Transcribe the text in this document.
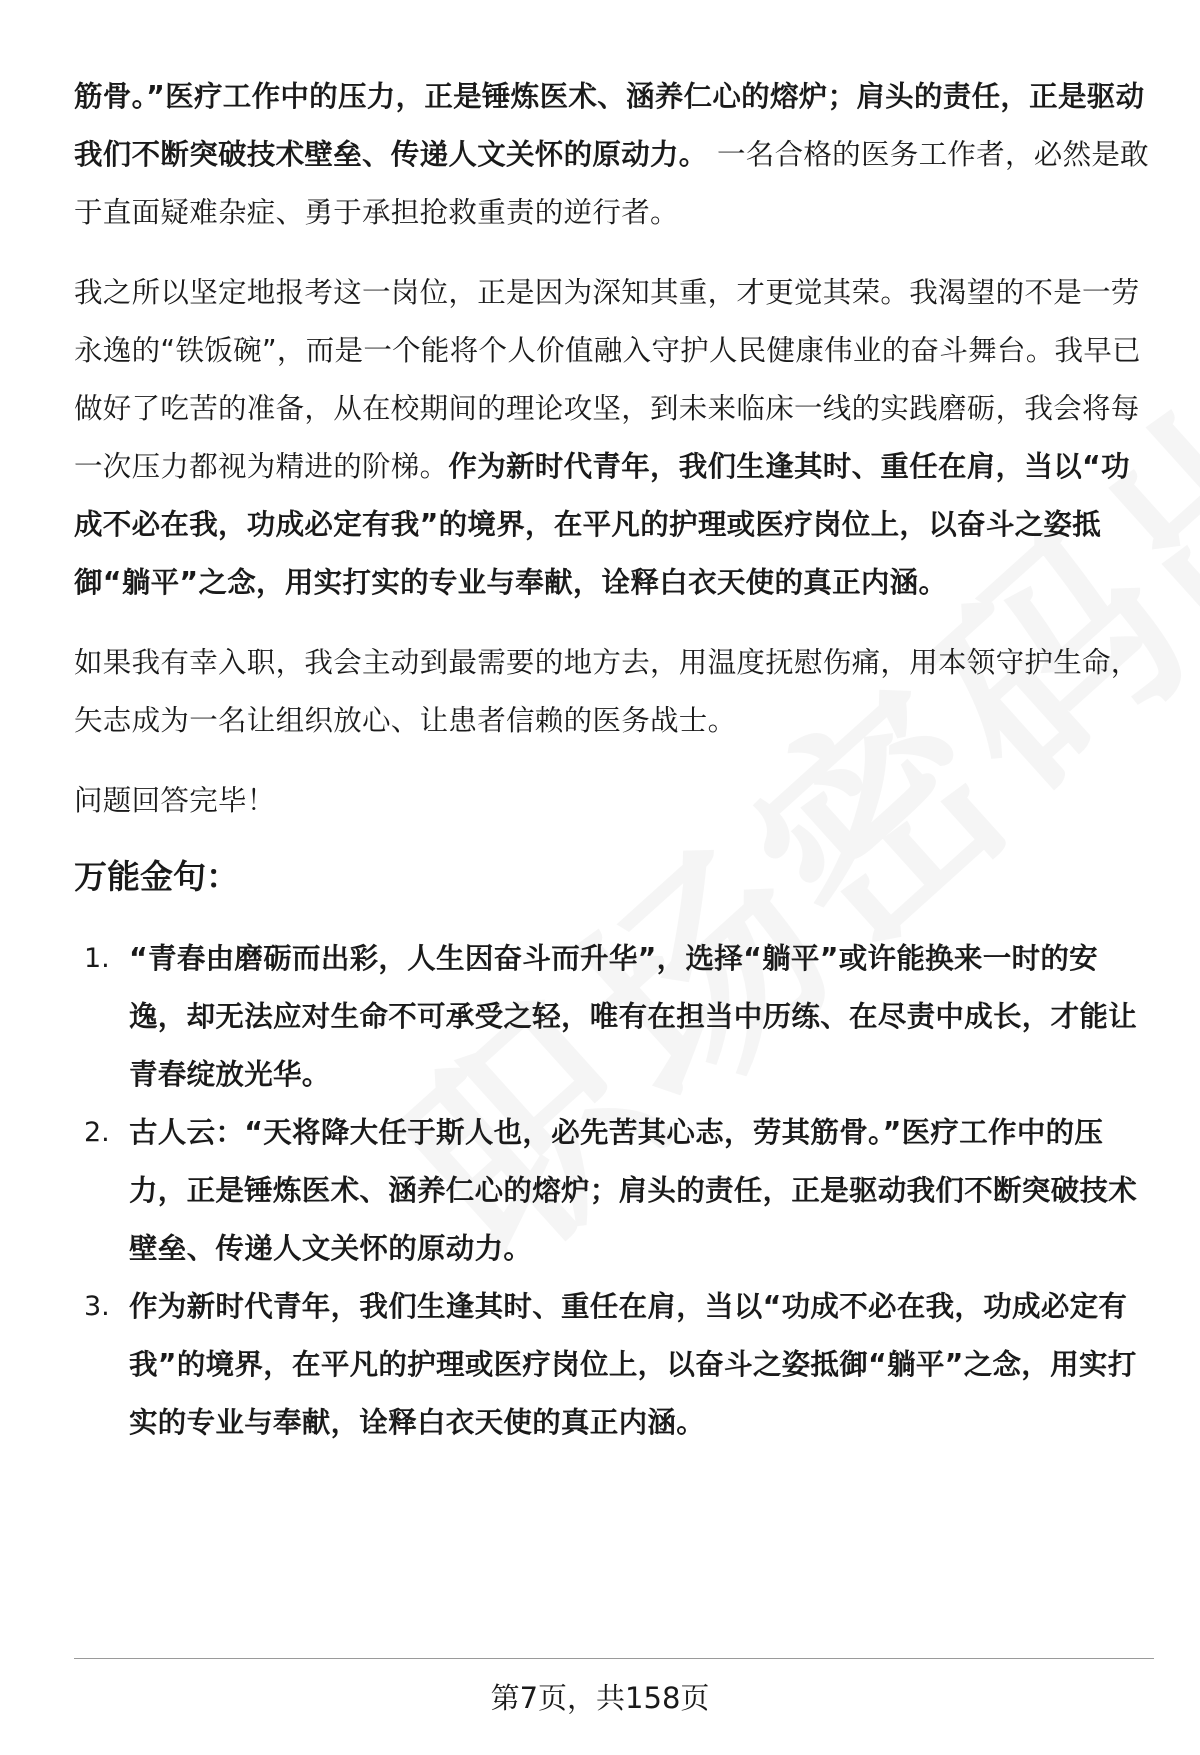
筋骨。”医疗工作中的压力，正是锤炼医术、涵养仁心的熔炉；肩头的责任，正是驱动我们不断突破技术壁垒、传递人文关怀的原动力。 一名合格的医务工作者，必然是敢于直面疑难杂症、勇于承担抢救重责的逆行者。

我之所以坚定地报考这一岗位，正是因为深知其重，才更觉其荣。我渴望的不是一劳永逸的“铁饭碗”，而是一个能将个人价值融入守护人民健康伟业的奋斗舞台。我早已做好了吃苦的准备，从在校期间的理论攻坚，到未来临床一线的实践磨砺，我会将每一次压力都视为精进的阶梯。作为新时代青年，我们生逢其时、重任在肩，当以“功成不必在我，功成必定有我”的境界，在平凡的护理或医疗岗位上，以奋斗之姿抵御“躺平”之念，用实打实的专业与奉献，诠释白衣天使的真正内涵。

如果我有幸入职，我会主动到最需要的地方去，用温度抚慰伤痛，用本领守护生命，矢志成为一名让组织放心、让患者信赖的医务战士。

问题回答完毕！

万能金句：
1. “青春由磨砺而出彩，人生因奋斗而升华”，选择“躺平”或许能换来一时的安逸，却无法应对生命不可承受之轻，唯有在担当中历练、在尽责中成长，才能让青春绽放光华。
2. 古人云：“天将降大任于斯人也，必先苦其心志，劳其筋骨。”医疗工作中的压力，正是锤炼医术、涵养仁心的熔炉；肩头的责任，正是驱动我们不断突破技术壁垒、传递人文关怀的原动力。
3. 作为新时代青年，我们生逢其时、重任在肩，当以“功成不必在我，功成必定有我”的境界，在平凡的护理或医疗岗位上，以奋斗之姿抵御“躺平”之念，用实打实的专业与奉献，诠释白衣天使的真正内涵。
第7页，共158页
